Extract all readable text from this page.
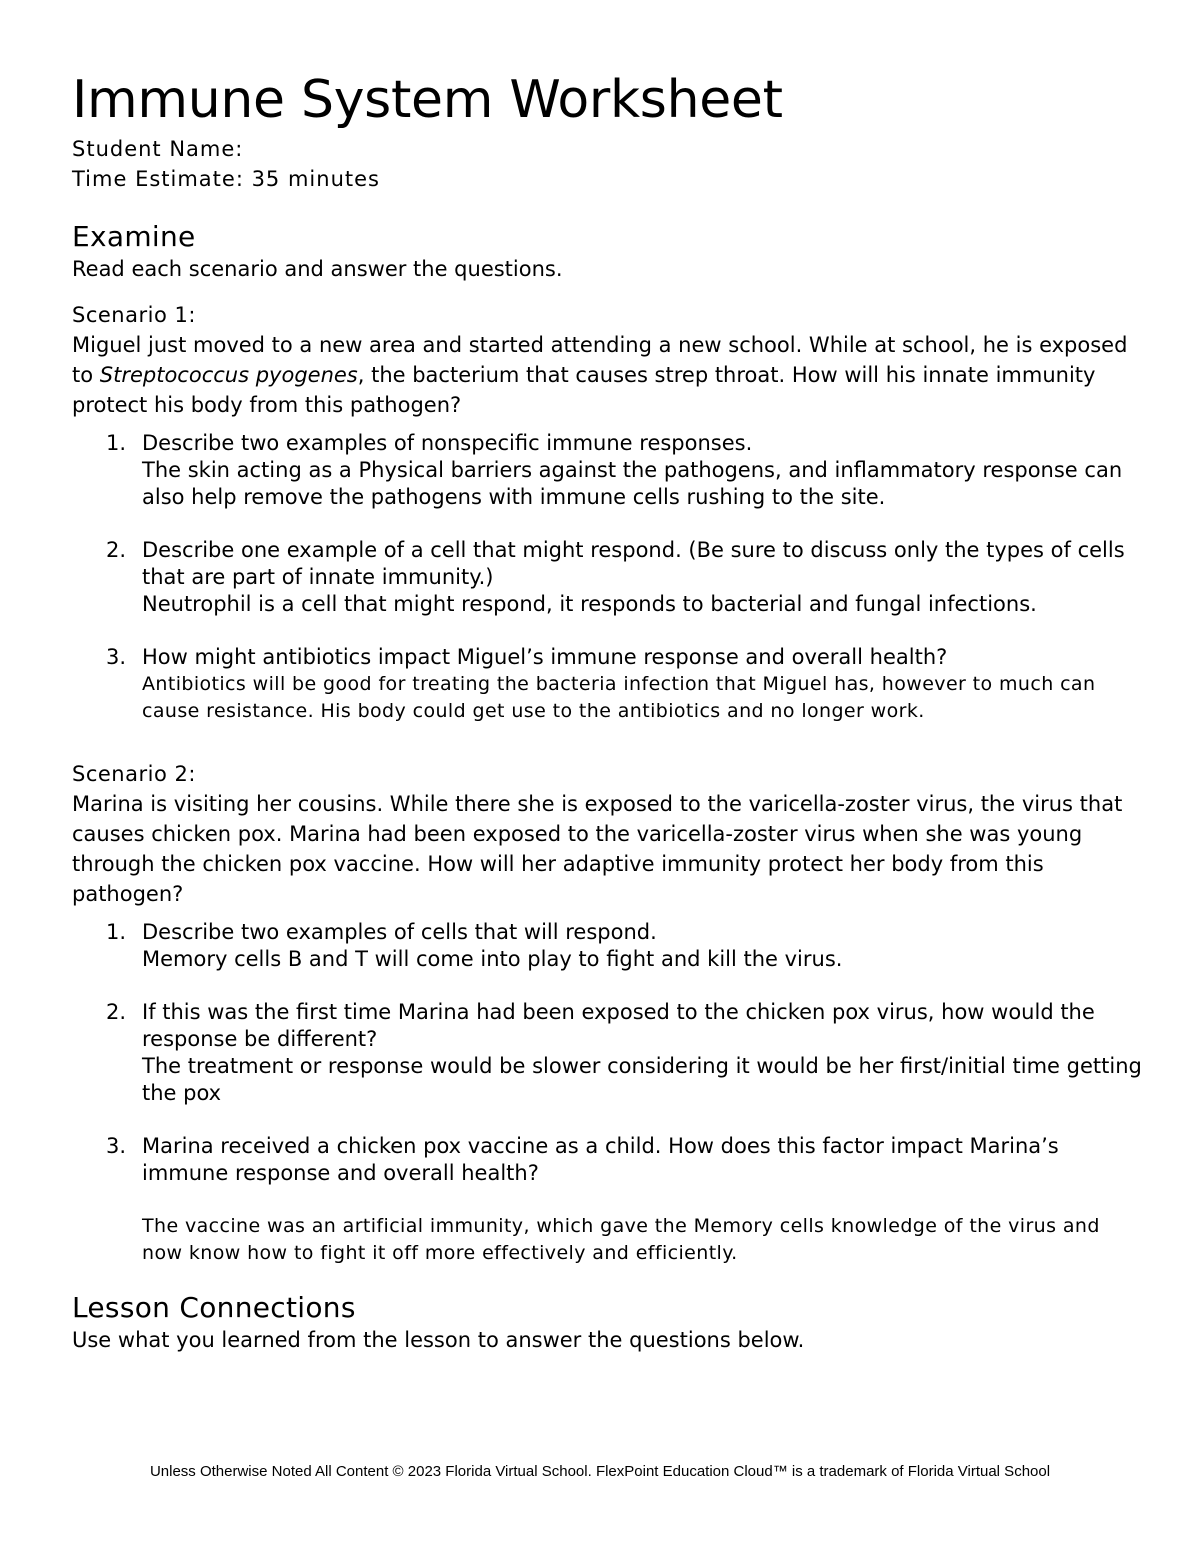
Immune System Worksheet
Student Name:
Time Estimate: 35 minutes
Examine
Read each scenario and answer the questions.
Scenario 1:
Miguel just moved to a new area and started attending a new school. While at school, he is exposed to Streptococcus pyogenes, the bacterium that causes strep throat. How will his innate immunity protect his body from this pathogen?
1. Describe two examples of nonspecific immune responses.
The skin acting as a Physical barriers against the pathogens, and inflammatory response can also help remove the pathogens with immune cells rushing to the site.
2. Describe one example of a cell that might respond. (Be sure to discuss only the types of cells that are part of innate immunity.)
Neutrophil is a cell that might respond, it responds to bacterial and fungal infections.
3. How might antibiotics impact Miguel’s immune response and overall health?
Antibiotics will be good for treating the bacteria infection that Miguel has, however to much can cause resistance. His body could get use to the antibiotics and no longer work.
Scenario 2:
Marina is visiting her cousins. While there she is exposed to the varicella-zoster virus, the virus that causes chicken pox. Marina had been exposed to the varicella-zoster virus when she was young through the chicken pox vaccine. How will her adaptive immunity protect her body from this pathogen?
1. Describe two examples of cells that will respond.
Memory cells B and T will come into play to fight and kill the virus.
2. If this was the first time Marina had been exposed to the chicken pox virus, how would the response be different?
The treatment or response would be slower considering it would be her first/initial time getting the pox
3. Marina received a chicken pox vaccine as a child. How does this factor impact Marina’s immune response and overall health?
The vaccine was an artificial immunity, which gave the Memory cells knowledge of the virus and now know how to fight it off more effectively and efficiently.
Lesson Connections
Use what you learned from the lesson to answer the questions below.
Unless Otherwise Noted All Content © 2023 Florida Virtual School. FlexPoint Education Cloud™ is a trademark of Florida Virtual School
